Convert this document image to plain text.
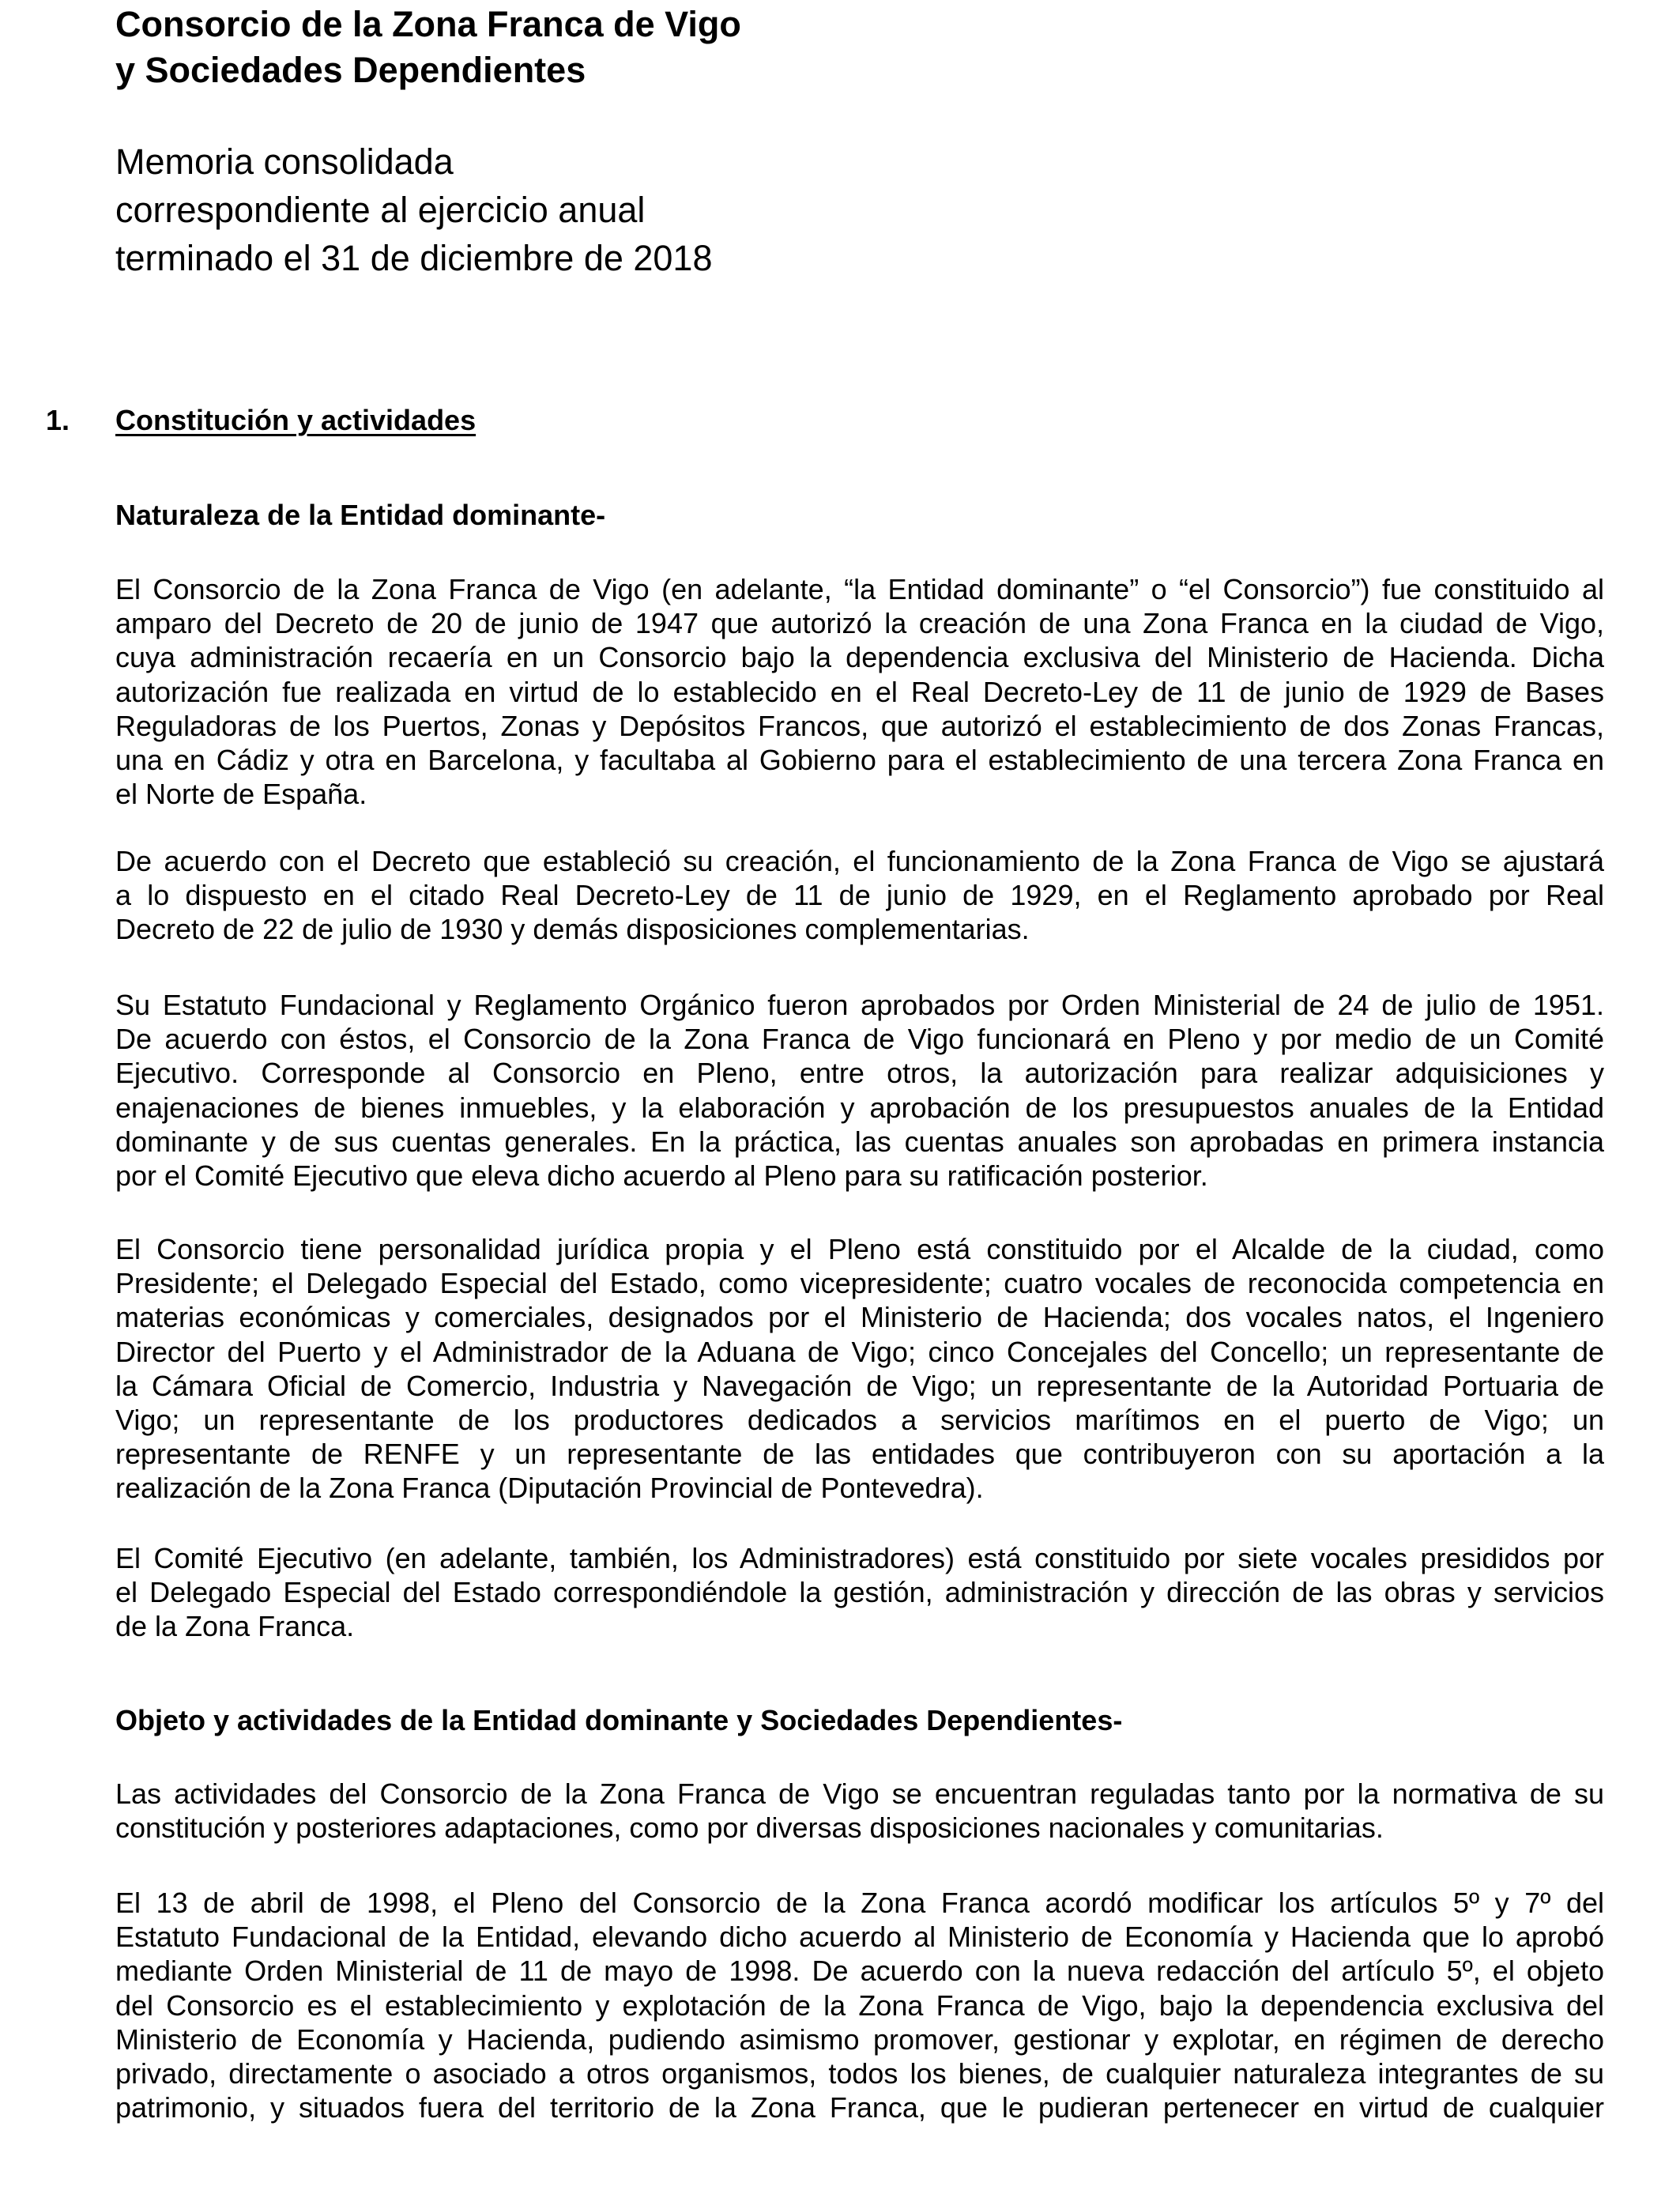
Consorcio de la Zona Franca de Vigo
y Sociedades Dependientes
Memoria consolidada
correspondiente al ejercicio anual
terminado el 31 de diciembre de 2018
1. Constitución y actividades
Naturaleza de la Entidad dominante-

El Consorcio de la Zona Franca de Vigo (en adelante, “la Entidad dominante” o “el Consorcio”) fue constituido al
amparo del Decreto de 20 de junio de 1947 que autorizó la creación de una Zona Franca en la ciudad de Vigo,
cuya administración recaería en un Consorcio bajo la dependencia exclusiva del Ministerio de Hacienda. Dicha
autorización fue realizada en virtud de lo establecido en el Real Decreto-Ley de 11 de junio de 1929 de Bases
Reguladoras de los Puertos, Zonas y Depósitos Francos, que autorizó el establecimiento de dos Zonas Francas,
una en Cádiz y otra en Barcelona, y facultaba al Gobierno para el establecimiento de una tercera Zona Franca en
el Norte de España.

De acuerdo con el Decreto que estableció su creación, el funcionamiento de la Zona Franca de Vigo se ajustará
a lo dispuesto en el citado Real Decreto-Ley de 11 de junio de 1929, en el Reglamento aprobado por Real
Decreto de 22 de julio de 1930 y demás disposiciones complementarias.

Su Estatuto Fundacional y Reglamento Orgánico fueron aprobados por Orden Ministerial de 24 de julio de 1951.
De acuerdo con éstos, el Consorcio de la Zona Franca de Vigo funcionará en Pleno y por medio de un Comité
Ejecutivo. Corresponde al Consorcio en Pleno, entre otros, la autorización para realizar adquisiciones y
enajenaciones de bienes inmuebles, y la elaboración y aprobación de los presupuestos anuales de la Entidad
dominante y de sus cuentas generales. En la práctica, las cuentas anuales son aprobadas en primera instancia
por el Comité Ejecutivo que eleva dicho acuerdo al Pleno para su ratificación posterior.

El Consorcio tiene personalidad jurídica propia y el Pleno está constituido por el Alcalde de la ciudad, como
Presidente; el Delegado Especial del Estado, como vicepresidente; cuatro vocales de reconocida competencia en
materias económicas y comerciales, designados por el Ministerio de Hacienda; dos vocales natos, el Ingeniero
Director del Puerto y el Administrador de la Aduana de Vigo; cinco Concejales del Concello; un representante de
la Cámara Oficial de Comercio, Industria y Navegación de Vigo; un representante de la Autoridad Portuaria de
Vigo; un representante de los productores dedicados a servicios marítimos en el puerto de Vigo; un
representante de RENFE y un representante de las entidades que contribuyeron con su aportación a la
realización de la Zona Franca (Diputación Provincial de Pontevedra).

El Comité Ejecutivo (en adelante, también, los Administradores) está constituido por siete vocales presididos por
el Delegado Especial del Estado correspondiéndole la gestión, administración y dirección de las obras y servicios
de la Zona Franca.

Objeto y actividades de la Entidad dominante y Sociedades Dependientes-

Las actividades del Consorcio de la Zona Franca de Vigo se encuentran reguladas tanto por la normativa de su
constitución y posteriores adaptaciones, como por diversas disposiciones nacionales y comunitarias.

El 13 de abril de 1998, el Pleno del Consorcio de la Zona Franca acordó modificar los artículos 5º y 7º del
Estatuto Fundacional de la Entidad, elevando dicho acuerdo al Ministerio de Economía y Hacienda que lo aprobó
mediante Orden Ministerial de 11 de mayo de 1998. De acuerdo con la nueva redacción del artículo 5º, el objeto
del Consorcio es el establecimiento y explotación de la Zona Franca de Vigo, bajo la dependencia exclusiva del
Ministerio de Economía y Hacienda, pudiendo asimismo promover, gestionar y explotar, en régimen de derecho
privado, directamente o asociado a otros organismos, todos los bienes, de cualquier naturaleza integrantes de su
patrimonio, y situados fuera del territorio de la Zona Franca, que le pudieran pertenecer en virtud de cualquier
